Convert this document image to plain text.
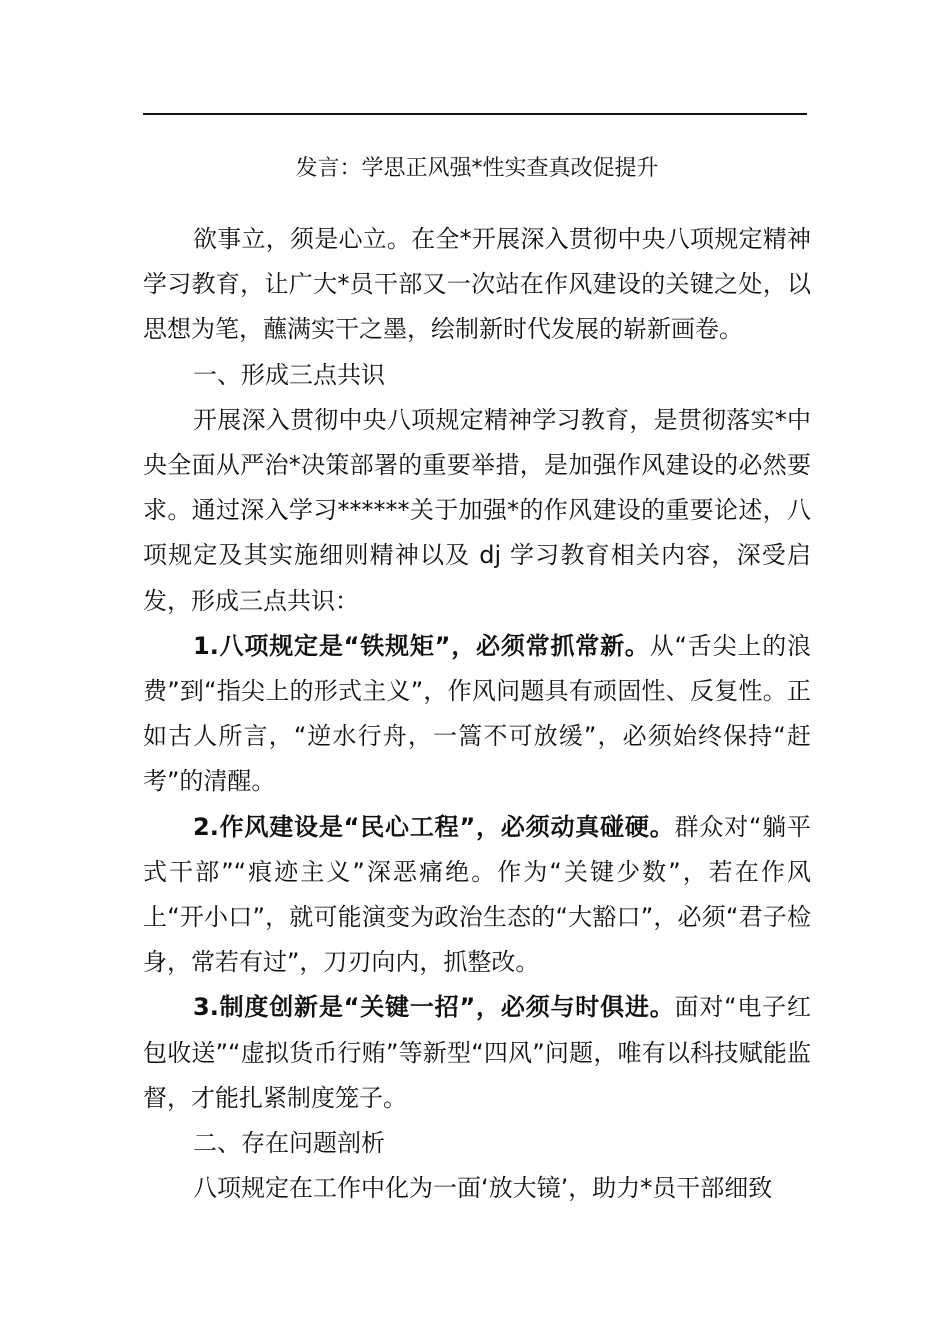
发言：学思正风强*性实查真改促提升

欲事立，须是心立。在全*开展深入贯彻中央八项规定精神学习教育，让广大*员干部又一次站在作风建设的关键之处，以思想为笔，蘸满实干之墨，绘制新时代发展的崭新画卷。

一、形成三点共识

开展深入贯彻中央八项规定精神学习教育，是贯彻落实*中央全面从严治*决策部署的重要举措，是加强作风建设的必然要求。通过深入学习******关于加强*的作风建设的重要论述，八项规定及其实施细则精神以及 dj 学习教育相关内容，深受启发，形成三点共识：

1.八项规定是“铁规矩”，必须常抓常新。从“舌尖上的浪费”到“指尖上的形式主义”，作风问题具有顽固性、反复性。正如古人所言，“逆水行舟，一篙不可放缓”，必须始终保持“赶考”的清醒。

2.作风建设是“民心工程”，必须动真碰硬。群众对“躺平式干部”“痕迹主义”深恶痛绝。作为“关键少数”，若在作风上“开小口”，就可能演变为政治生态的“大豁口”，必须“君子检身，常若有过”，刀刃向内，抓整改。

3.制度创新是“关键一招”，必须与时俱进。面对“电子红包收送”“虚拟货币行贿”等新型“四风”问题，唯有以科技赋能监督，才能扎紧制度笼子。

二、存在问题剖析

八项规定在工作中化为一面‘放大镜’，助力*员干部细致
